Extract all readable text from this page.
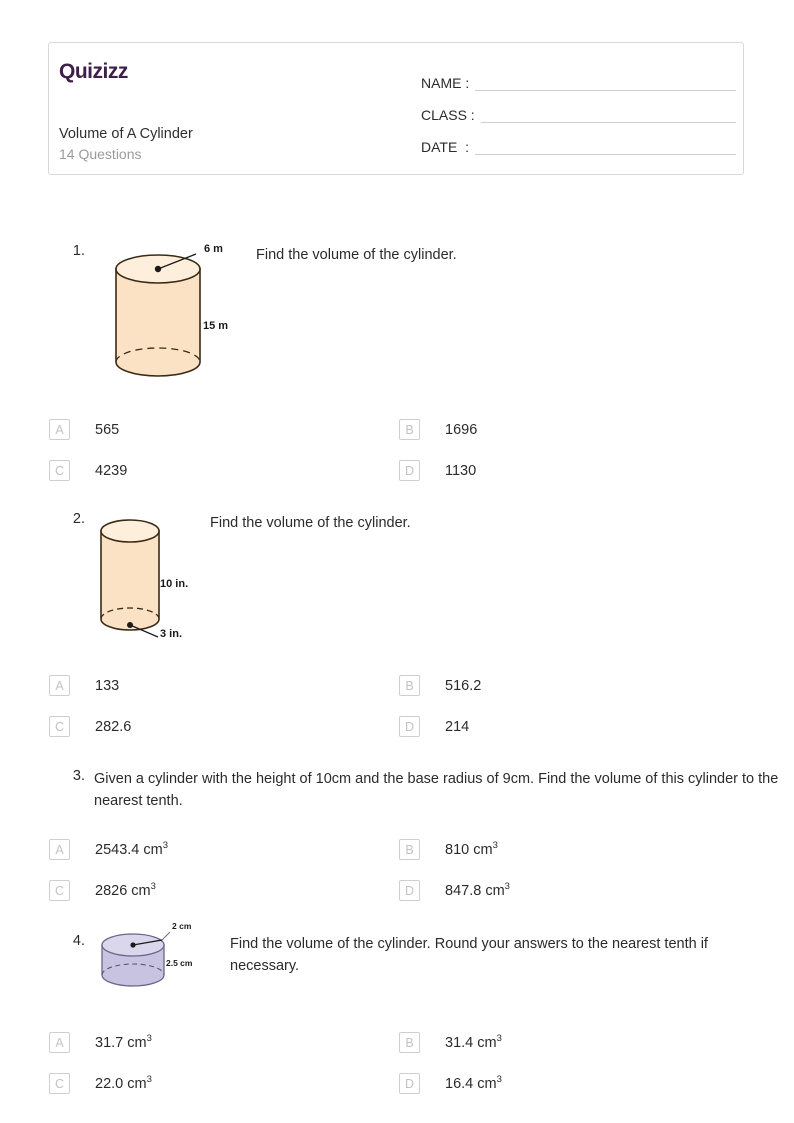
Quizizz
Volume of A Cylinder
14 Questions
NAME :
CLASS :
DATE  :
1.	Find the volume of the cylinder.
6 m
15 m
A	565	B	1696
C	4239	D	1130
2.	Find the volume of the cylinder.
10 in.
3 in.
A	133	B	516.2
C	282.6	D	214
3. Given a cylinder with the height of 10cm and the base radius of 9cm. Find the volume of this cylinder to the nearest tenth.
A	2543.4 $cm^3$	B	810 $cm^3$
C	2826 $cm^3$	D	847.8 $cm^3$
4.	Find the volume of the cylinder. Round your answers to the nearest tenth if necessary.
2 cm
2.5 cm
A	31.7 $cm^3$	B	31.4 $cm^3$
C	22.0 $cm^3$	D	16.4 $cm^3$
